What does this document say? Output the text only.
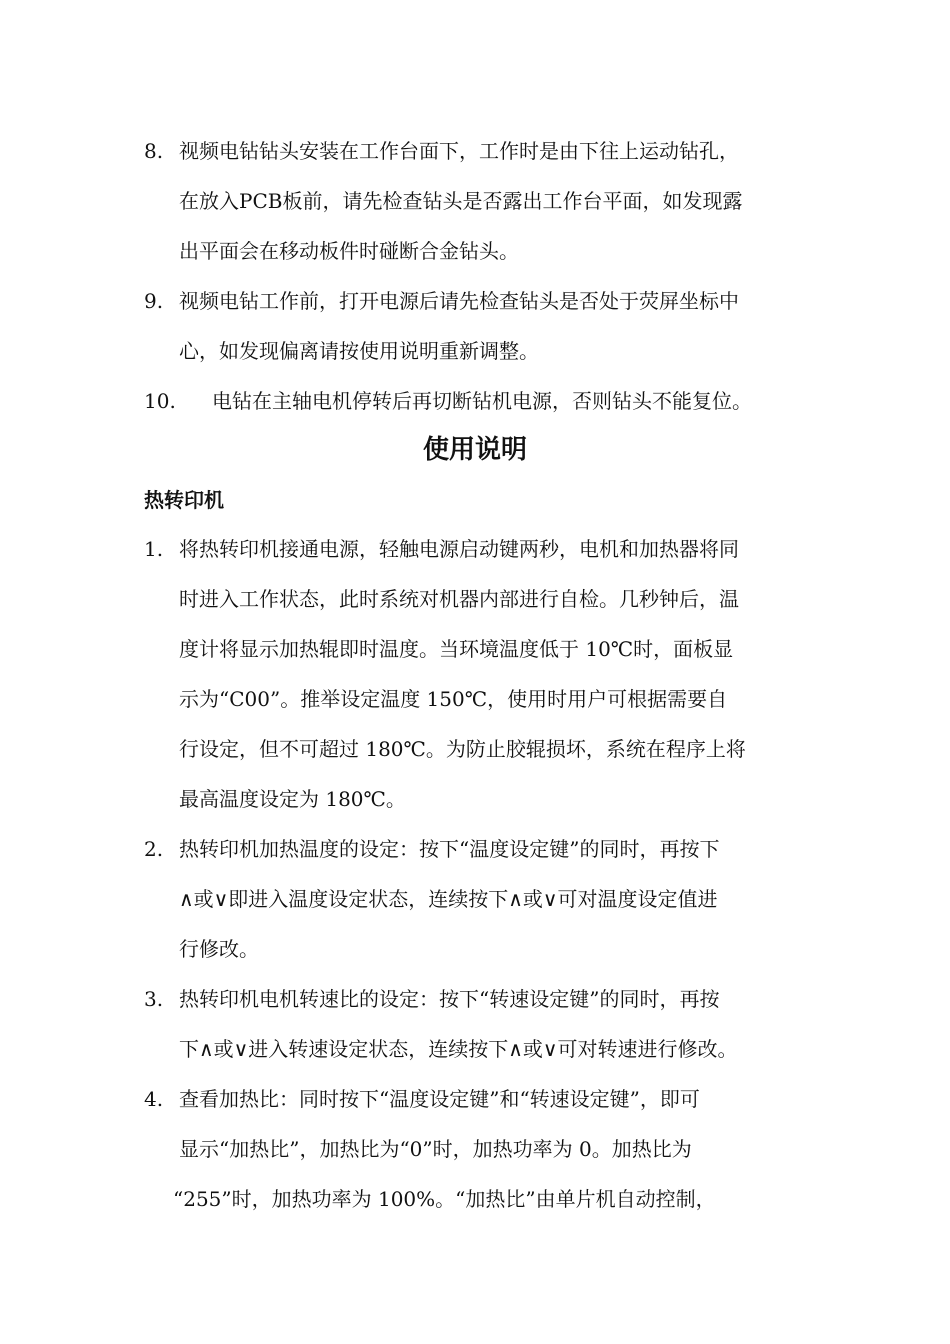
8. 视频电钻钻头安装在工作台面下，工作时是由下往上运动钻孔，
在放入PCB板前，请先检查钻头是否露出工作台平面，如发现露
出平面会在移动板件时碰断合金钻头。
9. 视频电钻工作前，打开电源后请先检查钻头是否处于荧屏坐标中
心，如发现偏离请按使用说明重新调整。
10. 电钻在主轴电机停转后再切断钻机电源，否则钻头不能复位。
使用说明
热转印机
1. 将热转印机接通电源，轻触电源启动键两秒，电机和加热器将同
时进入工作状态，此时系统对机器内部进行自检。几秒钟后，温
度计将显示加热辊即时温度。当环境温度低于 10℃时，面板显
示为“C00”。推举设定温度 150℃，使用时用户可根据需要自
行设定，但不可超过 180℃。为防止胶辊损坏，系统在程序上将
最高温度设定为 180℃。
2. 热转印机加热温度的设定：按下“温度设定键”的同时，再按下
∧或∨即进入温度设定状态，连续按下∧或∨可对温度设定值进
行修改。
3. 热转印机电机转速比的设定：按下“转速设定键”的同时，再按
下∧或∨进入转速设定状态，连续按下∧或∨可对转速进行修改。
4. 查看加热比：同时按下“温度设定键”和“转速设定键”，即可
显示“加热比”，加热比为“0”时，加热功率为 0。加热比为
“255”时，加热功率为 100%。“加热比”由单片机自动控制，
